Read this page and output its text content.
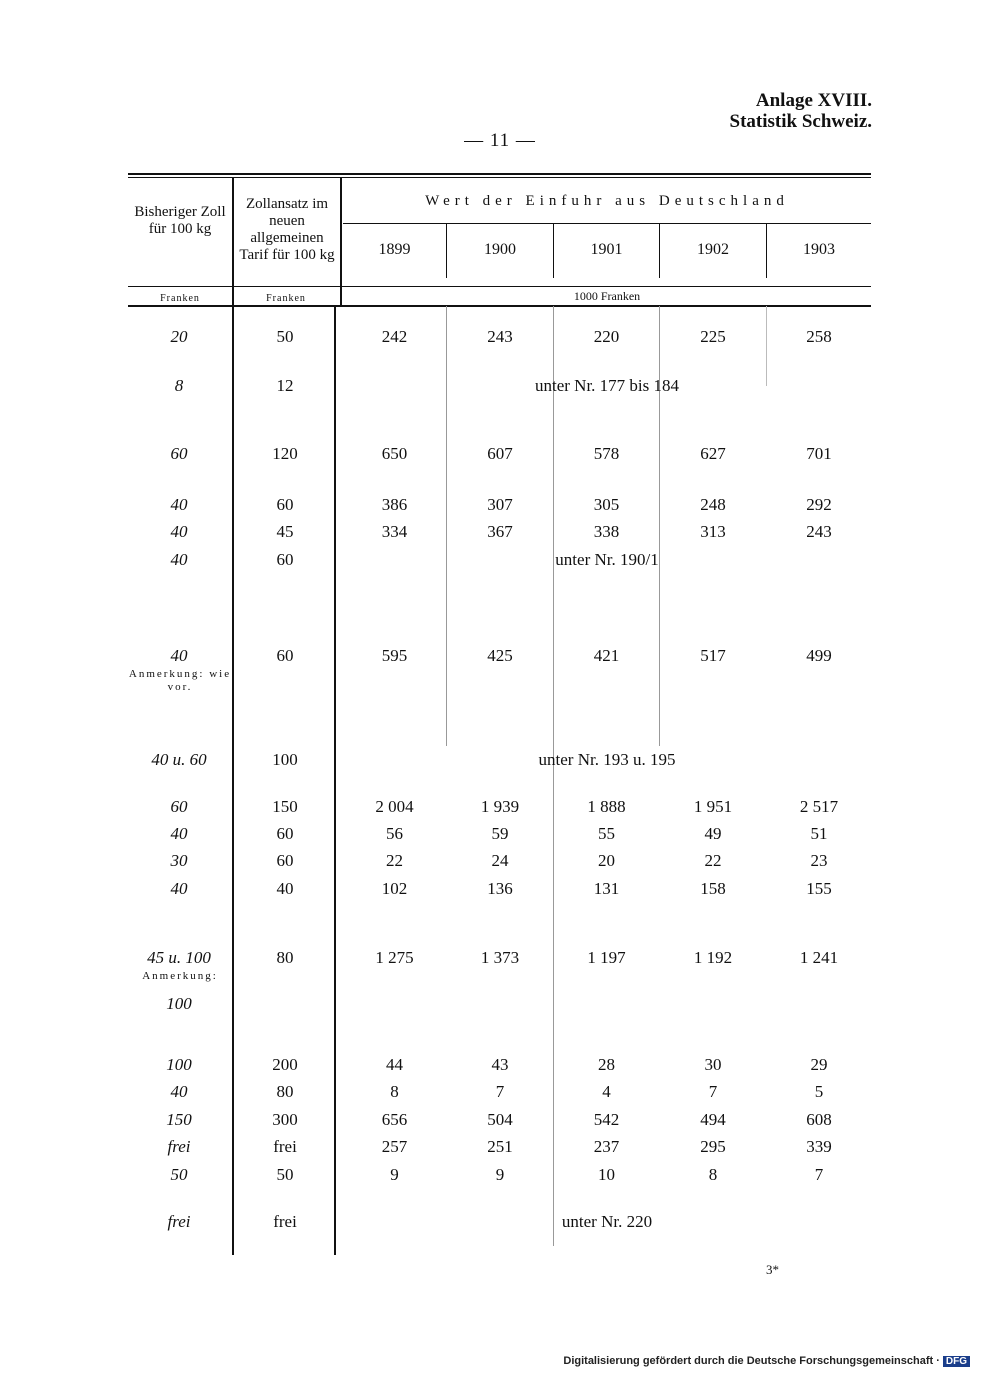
Anlage XVIII.
Statistik Schweiz.
— 11 —
Bisheriger Zoll für 100 kg
Zollansatz im neuen allgemeinen Tarif für 100 kg
Wert der Einfuhr aus Deutschland
1899	1900	1901	1902	1903
Franken	Franken	1000 Franken
20	50	242	243	220	225	258
8	12	unter Nr. 177 bis 184
60	120	650	607	578	627	701
40	60	386	307	305	248	292
40	45	334	367	338	313	243
40	60	unter Nr. 190/1
40	60	595	425	421	517	499
Anmerkung: wie vor.
40 u. 60	100	unter Nr. 193 u. 195
60	150	2 004	1 939	1 888	1 951	2 517
40	60	56	59	55	49	51
30	60	22	24	20	22	23
40	40	102	136	131	158	155
45 u. 100	80	1 275	1 373	1 197	1 192	1 241
Anmerkung:
100
100	200	44	43	28	30	29
40	80	8	7	4	7	5
150	300	656	504	542	494	608
frei	frei	257	251	237	295	339
50	50	9	9	10	8	7
frei	frei	unter Nr. 220
3*
Digitalisierung gefördert durch die Deutsche Forschungsgemeinschaft · DFG
